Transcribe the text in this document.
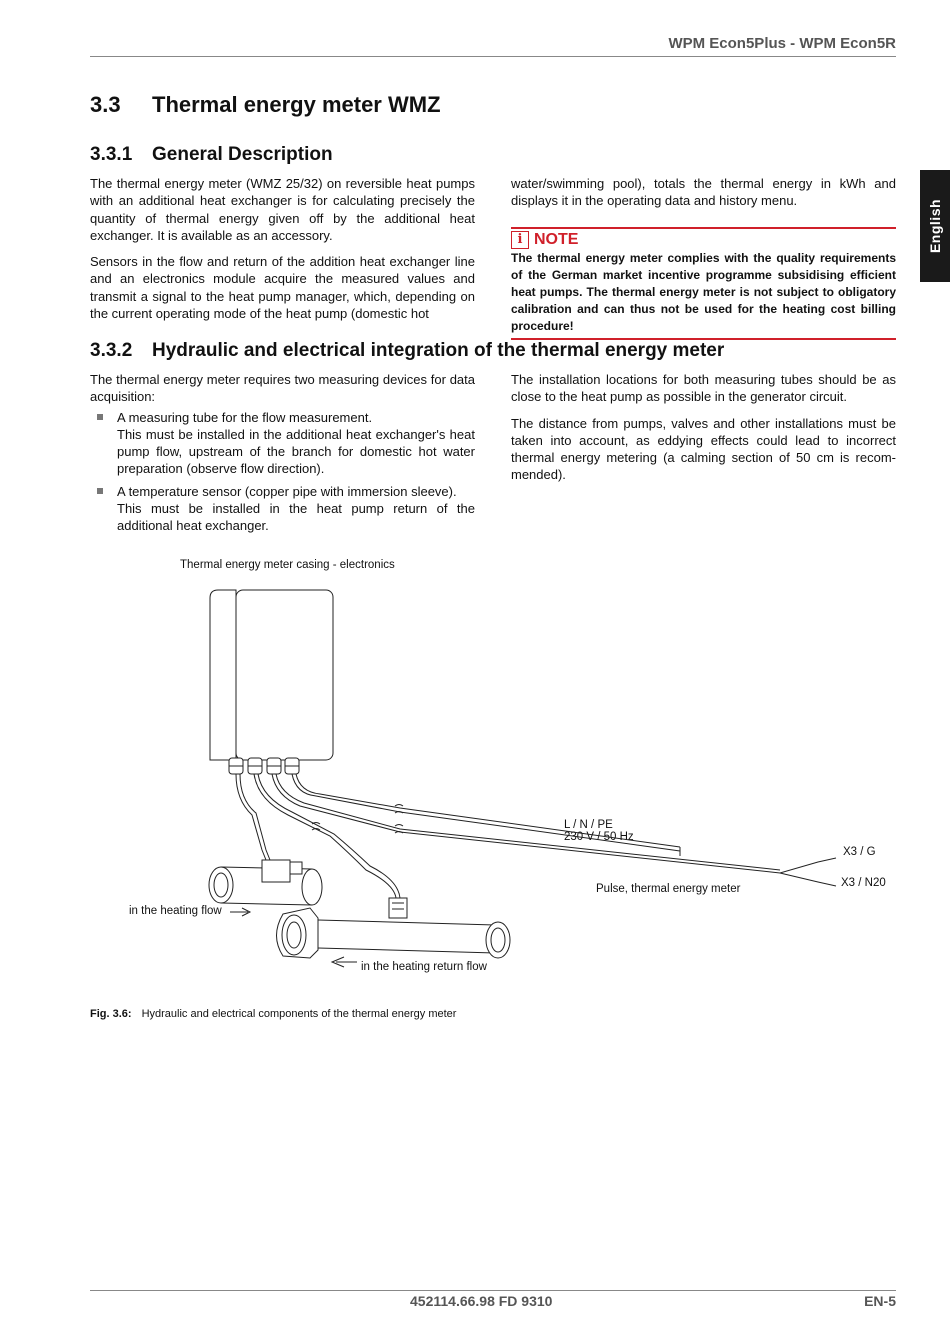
WPM Econ5Plus - WPM Econ5R
English
3.3 Thermal energy meter WMZ
3.3.1 General Description

The thermal energy meter (WMZ 25/32) on reversible heat pumps with an additional heat exchanger is for calculating precisely the quantity of thermal energy given off by the additional heat exchanger. It is available as an accessory.

Sensors in the flow and return of the addition heat exchanger line and an electronics module acquire the measured values and transmit a signal to the heat pump manager, which, depending on the current operating mode of the heat pump (domestic hot

water/swimming pool), totals the thermal energy in kWh and displays it in the operating data and history menu.

i NOTE
The thermal energy meter complies with the quality requirements of the German market incentive programme subsidising efficient heat pumps. The thermal energy meter is not subject to obligatory calibration and can thus not be used for the heating cost billing procedure!
3.3.2 Hydraulic and electrical integration of the thermal energy meter

The thermal energy meter requires two measuring devices for data acquisition:

A measuring tube for the flow measurement.
This must be installed in the additional heat exchanger's heat pump flow, upstream of the branch for domestic hot water preparation (observe flow direction).
A temperature sensor (copper pipe with immersion sleeve).
This must be installed in the heat pump return of the additional heat exchanger.

The installation locations for both measuring tubes should be as close to the heat pump as possible in the generator circuit.

The distance from pumps, valves and other installations must be taken into account, as eddying effects could lead to incorrect thermal energy metering (a calming section of 50 cm is recom-mended).

Thermal energy meter casing - electronics
L / N / PE
230 V / 50 Hz
X3 / G
X3 / N20
Pulse, thermal energy meter
in the heating flow
in the heating return flow
Fig. 3.6: Hydraulic and electrical components of the thermal energy meter
452114.66.98 FD 9310	EN-5
